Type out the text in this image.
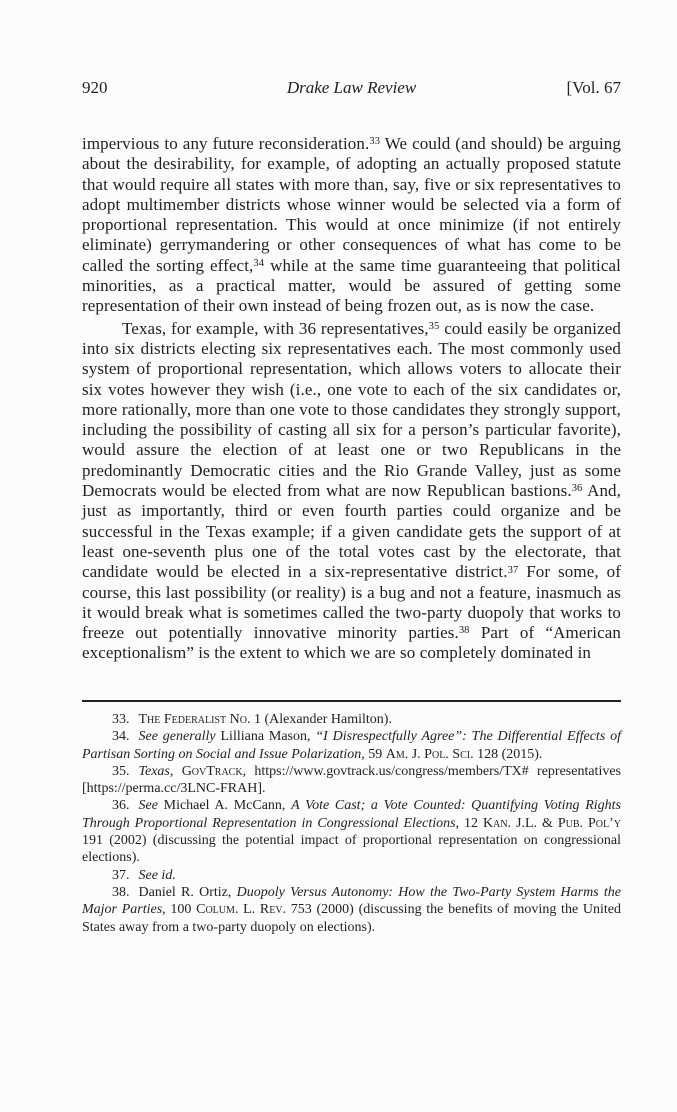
920	Drake Law Review	[Vol. 67

impervious to any future reconsideration.$^{33}$ We could (and should) be arguing about the desirability, for example, of adopting an actually proposed statute that would require all states with more than, say, five or six representatives to adopt multimember districts whose winner would be selected via a form of proportional representation. This would at once minimize (if not entirely eliminate) gerrymandering or other consequences of what has come to be called the sorting effect,$^{34}$ while at the same time guaranteeing that political minorities, as a practical matter, would be assured of getting some representation of their own instead of being frozen out, as is now the case.

Texas, for example, with 36 representatives,$^{35}$ could easily be organized into six districts electing six representatives each. The most commonly used system of proportional representation, which allows voters to allocate their six votes however they wish (i.e., one vote to each of the six candidates or, more rationally, more than one vote to those candidates they strongly support, including the possibility of casting all six for a person’s particular favorite), would assure the election of at least one or two Republicans in the predominantly Democratic cities and the Rio Grande Valley, just as some Democrats would be elected from what are now Republican bastions.$^{36}$ And, just as importantly, third or even fourth parties could organize and be successful in the Texas example; if a given candidate gets the support of at least one-seventh plus one of the total votes cast by the electorate, that candidate would be elected in a six-representative district.$^{37}$ For some, of course, this last possibility (or reality) is a bug and not a feature, inasmuch as it would break what is sometimes called the two-party duopoly that works to freeze out potentially innovative minority parties.$^{38}$ Part of “American exceptionalism” is the extent to which we are so completely dominated in

33. The Federalist No. 1 (Alexander Hamilton).

34. See generally Lilliana Mason, “I Disrespectfully Agree”: The Differential Effects of Partisan Sorting on Social and Issue Polarization, 59 Am. J. Pol. Sci. 128 (2015).

35. Texas, GovTrack, https://www.govtrack.us/congress/members/TX# representatives [https://perma.cc/3LNC-FRAH].

36. See Michael A. McCann, A Vote Cast; a Vote Counted: Quantifying Voting Rights Through Proportional Representation in Congressional Elections, 12 Kan. J.L. & Pub. Pol’y 191 (2002) (discussing the potential impact of proportional representation on congressional elections).

37. See id.

38. Daniel R. Ortiz, Duopoly Versus Autonomy: How the Two-Party System Harms the Major Parties, 100 Colum. L. Rev. 753 (2000) (discussing the benefits of moving the United States away from a two-party duopoly on elections).
